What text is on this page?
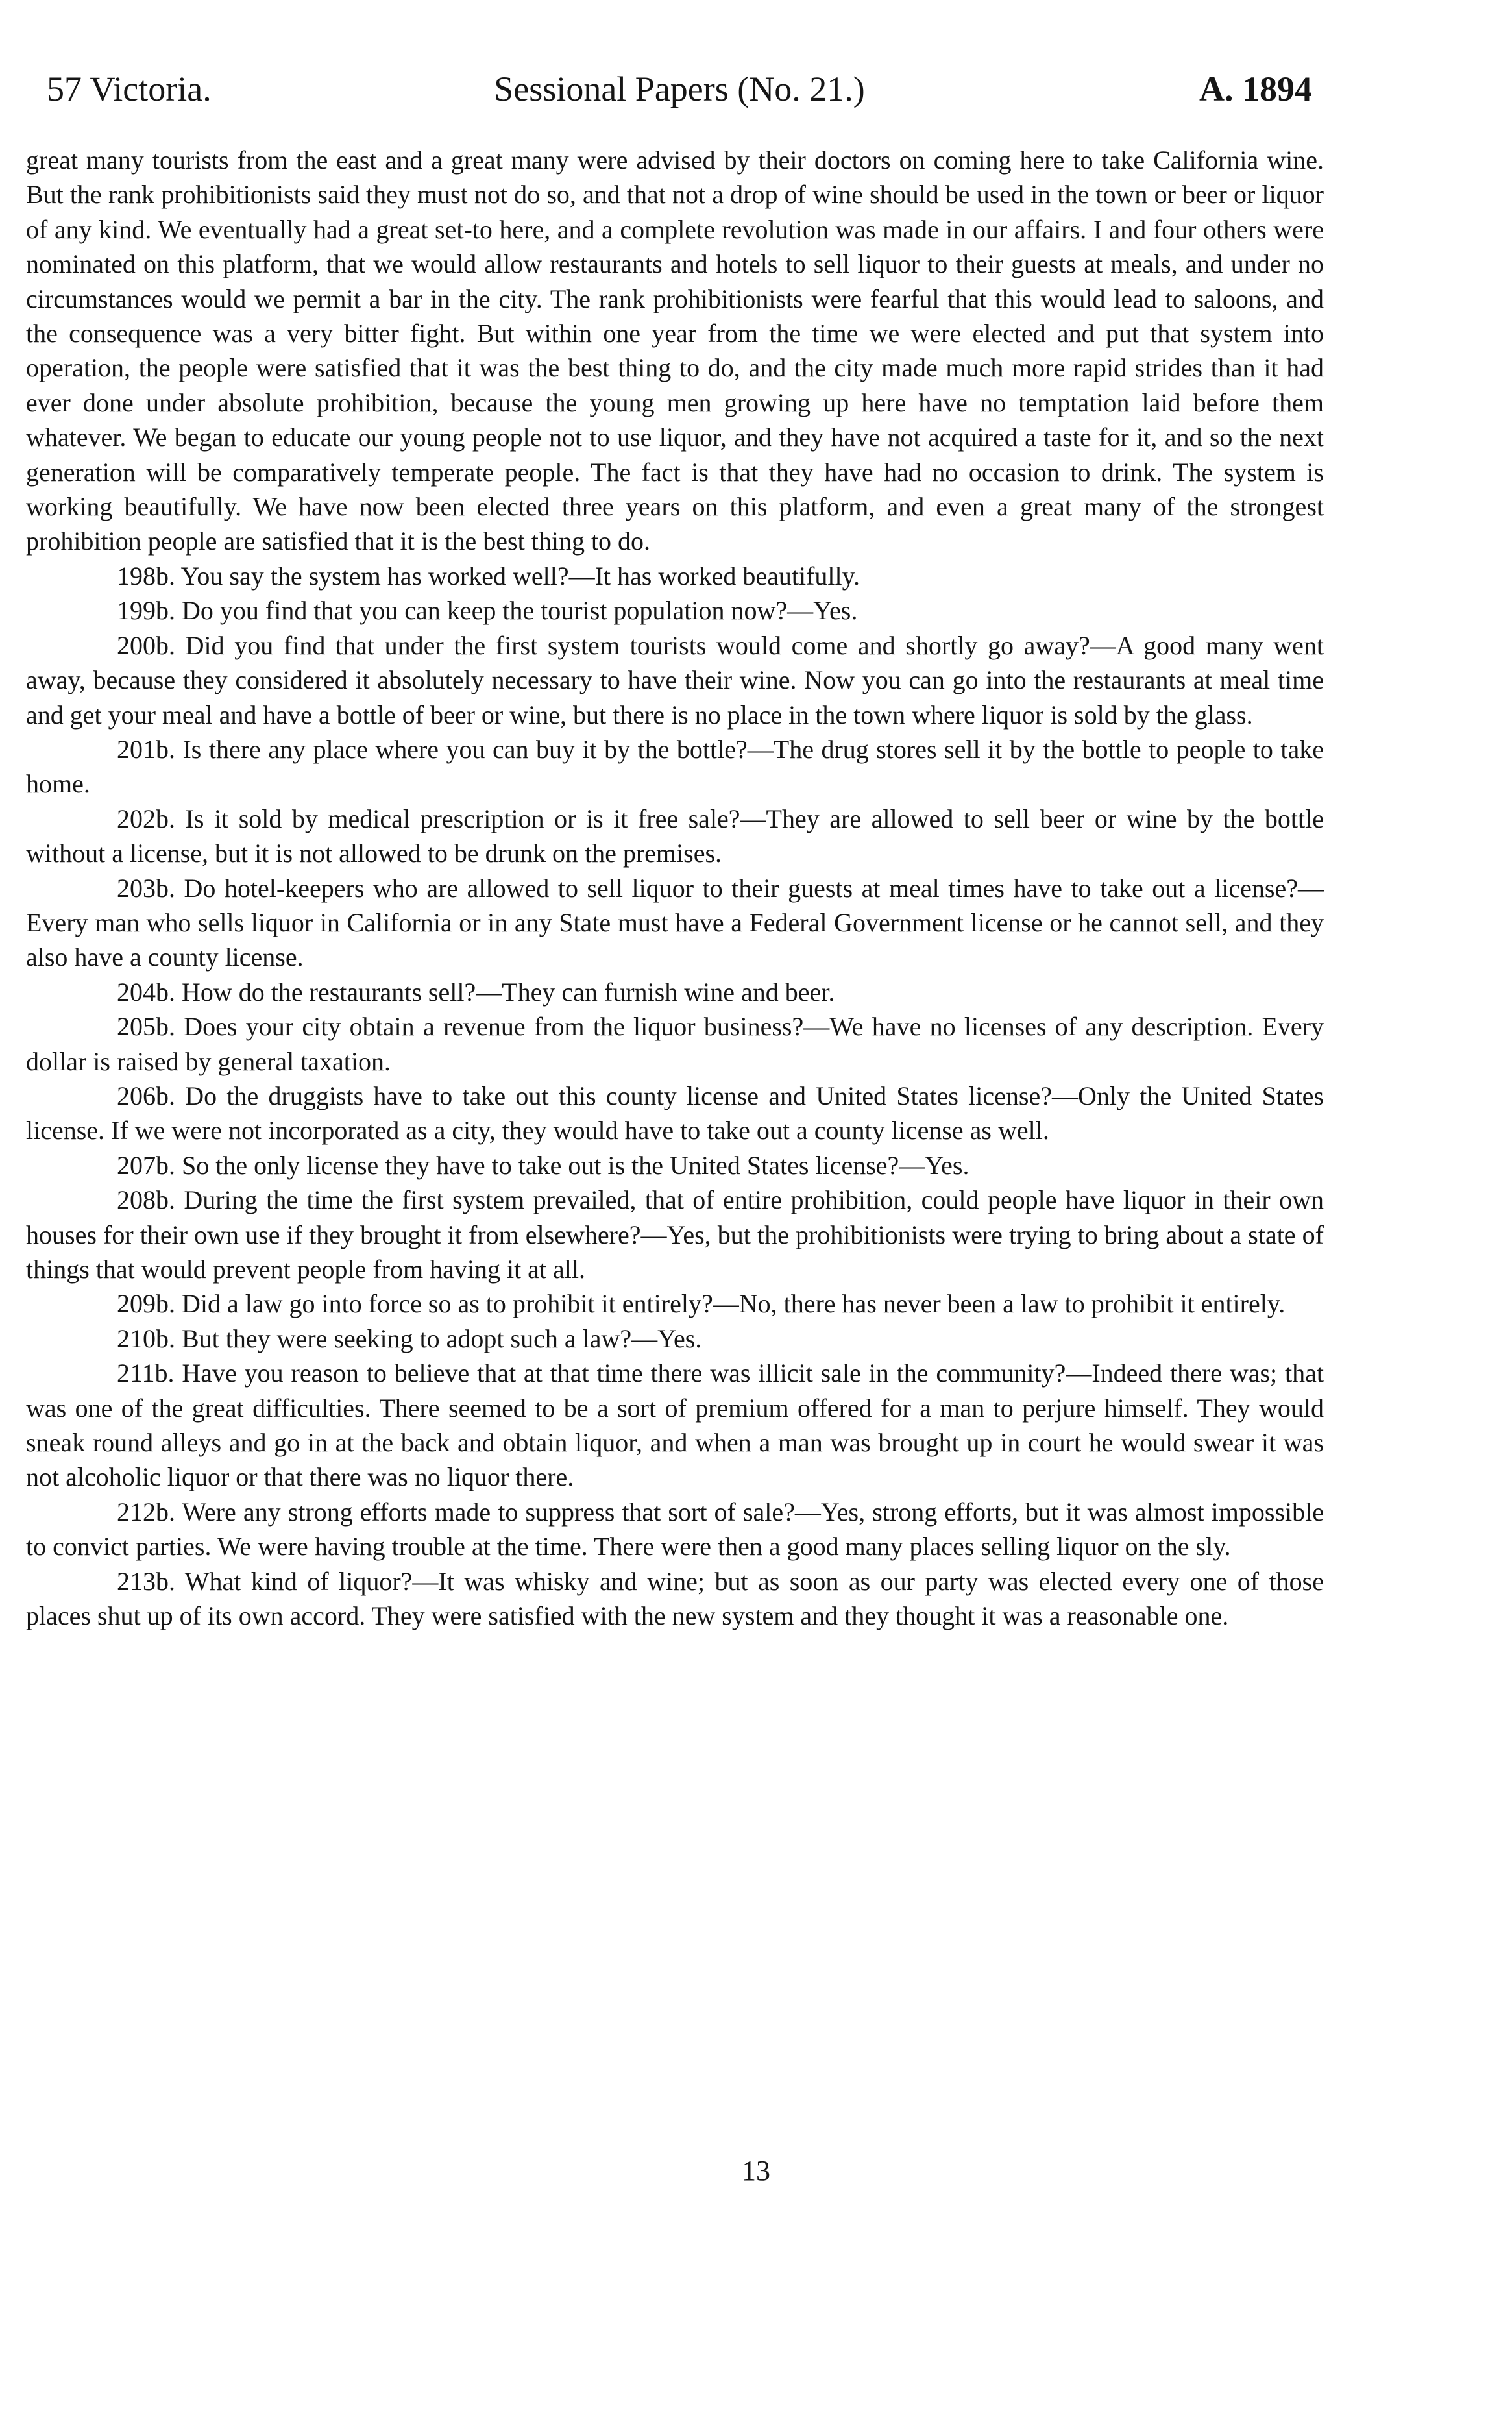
57 Victoria.	Sessional Papers (No. 21.)	A. 1894

great many tourists from the east and a great many were advised by their doctors on coming here to take California wine. But the rank prohibitionists said they must not do so, and that not a drop of wine should be used in the town or beer or liquor of any kind. We eventually had a great set-to here, and a complete revolution was made in our affairs. I and four others were nominated on this platform, that we would allow restaurants and hotels to sell liquor to their guests at meals, and under no circumstances would we permit a bar in the city. The rank prohibitionists were fearful that this would lead to saloons, and the consequence was a very bitter fight. But within one year from the time we were elected and put that system into operation, the people were satisfied that it was the best thing to do, and the city made much more rapid strides than it had ever done under absolute prohibition, because the young men growing up here have no temptation laid before them whatever. We began to educate our young people not to use liquor, and they have not acquired a taste for it, and so the next generation will be comparatively temperate people. The fact is that they have had no occasion to drink. The system is working beautifully. We have now been elected three years on this platform, and even a great many of the strongest prohibition people are satisfied that it is the best thing to do.

198b. You say the system has worked well?—It has worked beautifully.

199b. Do you find that you can keep the tourist population now?—Yes.

200b. Did you find that under the first system tourists would come and shortly go away?—A good many went away, because they considered it absolutely necessary to have their wine. Now you can go into the restaurants at meal time and get your meal and have a bottle of beer or wine, but there is no place in the town where liquor is sold by the glass.

201b. Is there any place where you can buy it by the bottle?—The drug stores sell it by the bottle to people to take home.

202b. Is it sold by medical prescription or is it free sale?—They are allowed to sell beer or wine by the bottle without a license, but it is not allowed to be drunk on the premises.

203b. Do hotel-keepers who are allowed to sell liquor to their guests at meal times have to take out a license?—Every man who sells liquor in California or in any State must have a Federal Government license or he cannot sell, and they also have a county license.

204b. How do the restaurants sell?—They can furnish wine and beer.

205b. Does your city obtain a revenue from the liquor business?—We have no licenses of any description. Every dollar is raised by general taxation.

206b. Do the druggists have to take out this county license and United States license?—Only the United States license. If we were not incorporated as a city, they would have to take out a county license as well.

207b. So the only license they have to take out is the United States license?—Yes.

208b. During the time the first system prevailed, that of entire prohibition, could people have liquor in their own houses for their own use if they brought it from elsewhere?—Yes, but the prohibitionists were trying to bring about a state of things that would prevent people from having it at all.

209b. Did a law go into force so as to prohibit it entirely?—No, there has never been a law to prohibit it entirely.

210b. But they were seeking to adopt such a law?—Yes.

211b. Have you reason to believe that at that time there was illicit sale in the community?—Indeed there was; that was one of the great difficulties. There seemed to be a sort of premium offered for a man to perjure himself. They would sneak round alleys and go in at the back and obtain liquor, and when a man was brought up in court he would swear it was not alcoholic liquor or that there was no liquor there.

212b. Were any strong efforts made to suppress that sort of sale?—Yes, strong efforts, but it was almost impossible to convict parties. We were having trouble at the time. There were then a good many places selling liquor on the sly.

213b. What kind of liquor?—It was whisky and wine; but as soon as our party was elected every one of those places shut up of its own accord. They were satisfied with the new system and they thought it was a reasonable one.

13
